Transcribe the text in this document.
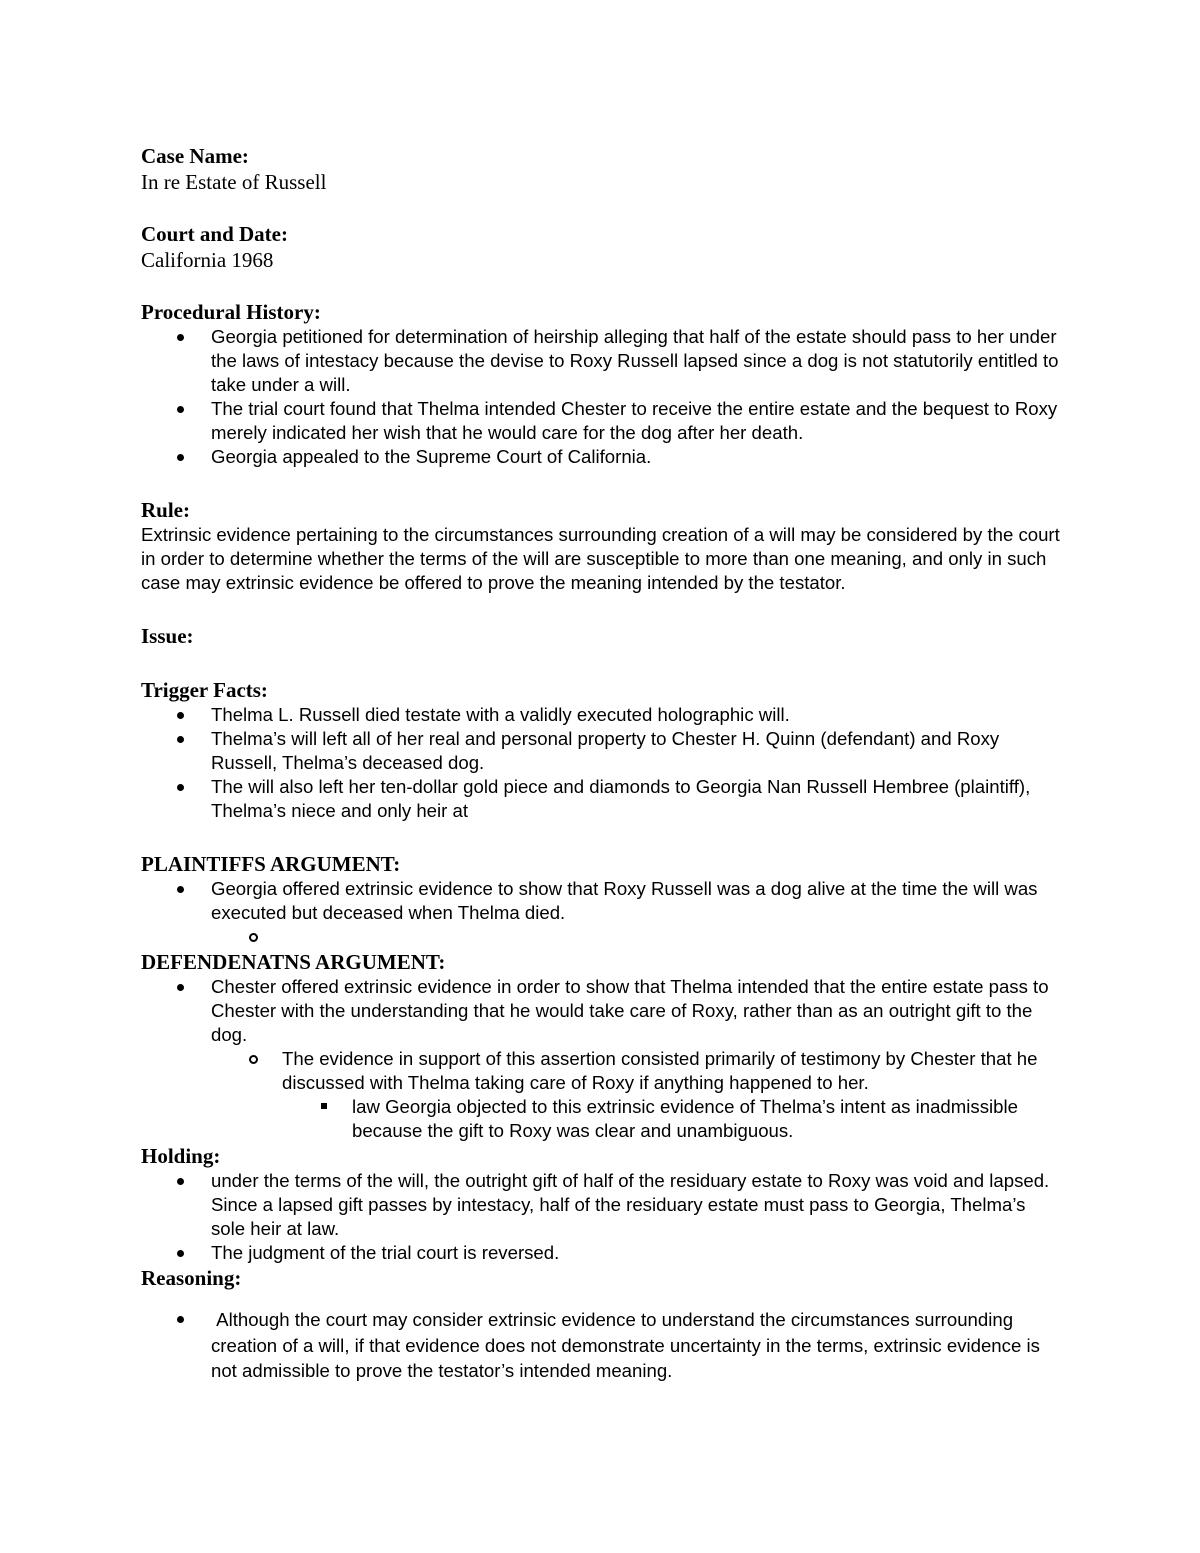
Case Name:

In re Estate of Russell

Court and Date:

California 1968

Procedural History:

Georgia petitioned for determination of heirship alleging that half of the estate should pass to her under the laws of intestacy because the devise to Roxy Russell lapsed since a dog is not statutorily entitled to take under a will.
The trial court found that Thelma intended Chester to receive the entire estate and the bequest to Roxy merely indicated her wish that he would care for the dog after her death.
Georgia appealed to the Supreme Court of California.

Rule:

Extrinsic evidence pertaining to the circumstances surrounding creation of a will may be considered by the court in order to determine whether the terms of the will are susceptible to more than one meaning, and only in such case may extrinsic evidence be offered to prove the meaning intended by the testator.

Issue:

Trigger Facts:

Thelma L. Russell died testate with a validly executed holographic will.
Thelma’s will left all of her real and personal property to Chester H. Quinn (defendant) and Roxy Russell, Thelma’s deceased dog.
The will also left her ten-dollar gold piece and diamonds to Georgia Nan Russell Hembree (plaintiff), Thelma’s niece and only heir at

PLAINTIFFS ARGUMENT:

Georgia offered extrinsic evidence to show that Roxy Russell was a dog alive at the time the will was executed but deceased when Thelma died.

DEFENDENATNS ARGUMENT:

Chester offered extrinsic evidence in order to show that Thelma intended that the entire estate pass to Chester with the understanding that he would take care of Roxy, rather than as an outright gift to the dog.
The evidence in support of this assertion consisted primarily of testimony by Chester that he discussed with Thelma taking care of Roxy if anything happened to her.
law Georgia objected to this extrinsic evidence of Thelma’s intent as inadmissible because the gift to Roxy was clear and unambiguous.

Holding:

under the terms of the will, the outright gift of half of the residuary estate to Roxy was void and lapsed. Since a lapsed gift passes by intestacy, half of the residuary estate must pass to Georgia, Thelma’s sole heir at law.
The judgment of the trial court is reversed.

Reasoning:

Although the court may consider extrinsic evidence to understand the circumstances surrounding creation of a will, if that evidence does not demonstrate uncertainty in the terms, extrinsic evidence is not admissible to prove the testator’s intended meaning.
